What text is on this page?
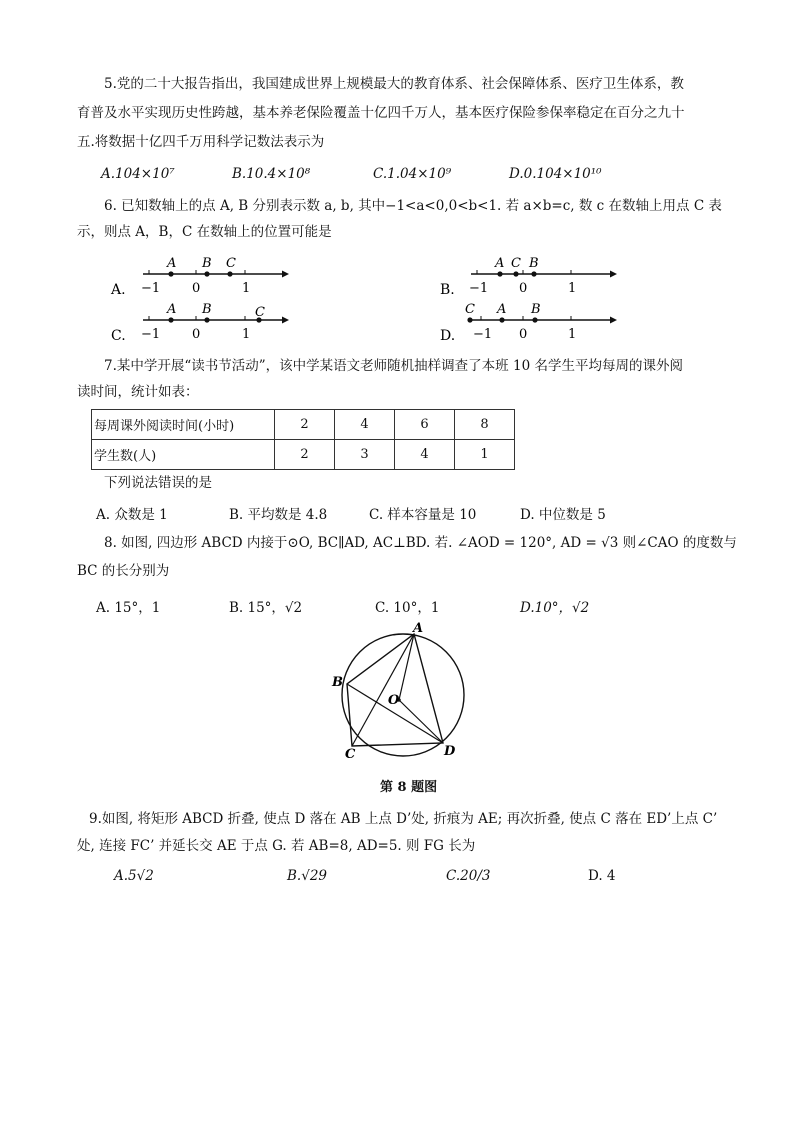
5.党的二十大报告指出，我国建成世界上规模最大的教育体系、社会保障体系、医疗卫生体系，教
育普及水平实现历史性跨越，基本养老保险覆盖十亿四千万人，基本医疗保险参保率稳定在百分之九十
五.将数据十亿四千万用科学记数法表示为
A.104×10⁷	B.10.4×10⁸	C.1.04×10⁹	D.0.104×10¹⁰
6. 已知数轴上的点 A, B 分别表示数 a, b, 其中−1<a<0,0<b<1. 若 a×b=c, 数 c 在数轴上用点 C 表
示，则点 A，B，C 在数轴上的位置可能是
A.
A B C
−1 0	1	B.
A C B
−1 0	1
C.
A B	C
−1 0	1	D.
C A B
−1 0	1
7.某中学开展“读书节活动”，该中学某语文老师随机抽样调查了本班 10 名学生平均每周的课外阅
读时间，统计如表：
每周课外阅读时间(小时)	2	4	6	8
学生数(人)	2	3	4	1
下列说法错误的是
A. 众数是 1	B. 平均数是 4.8	C. 样本容量是 10	D. 中位数是 5
8. 如图, 四边形 ABCD 内接于⊙O, BC∥AD, AC⊥BD. 若. ∠AOD = 120°, AD = √3 则∠CAO 的度数与
BC 的长分别为
A. 15°，1	B. 15°，√2	C. 10°，1	D.10°，√2
A
B
C	D
O
第 8 题图
9.如图, 将矩形 ABCD 折叠, 使点 D 落在 AB 上点 D’处, 折痕为 AE; 再次折叠, 使点 C 落在 ED’上点 C’
处, 连接 FC’ 并延长交 AE 于点 G. 若 AB=8, AD=5. 则 FG 长为
A.5√2	B.√29	C.20/3	D. 4
